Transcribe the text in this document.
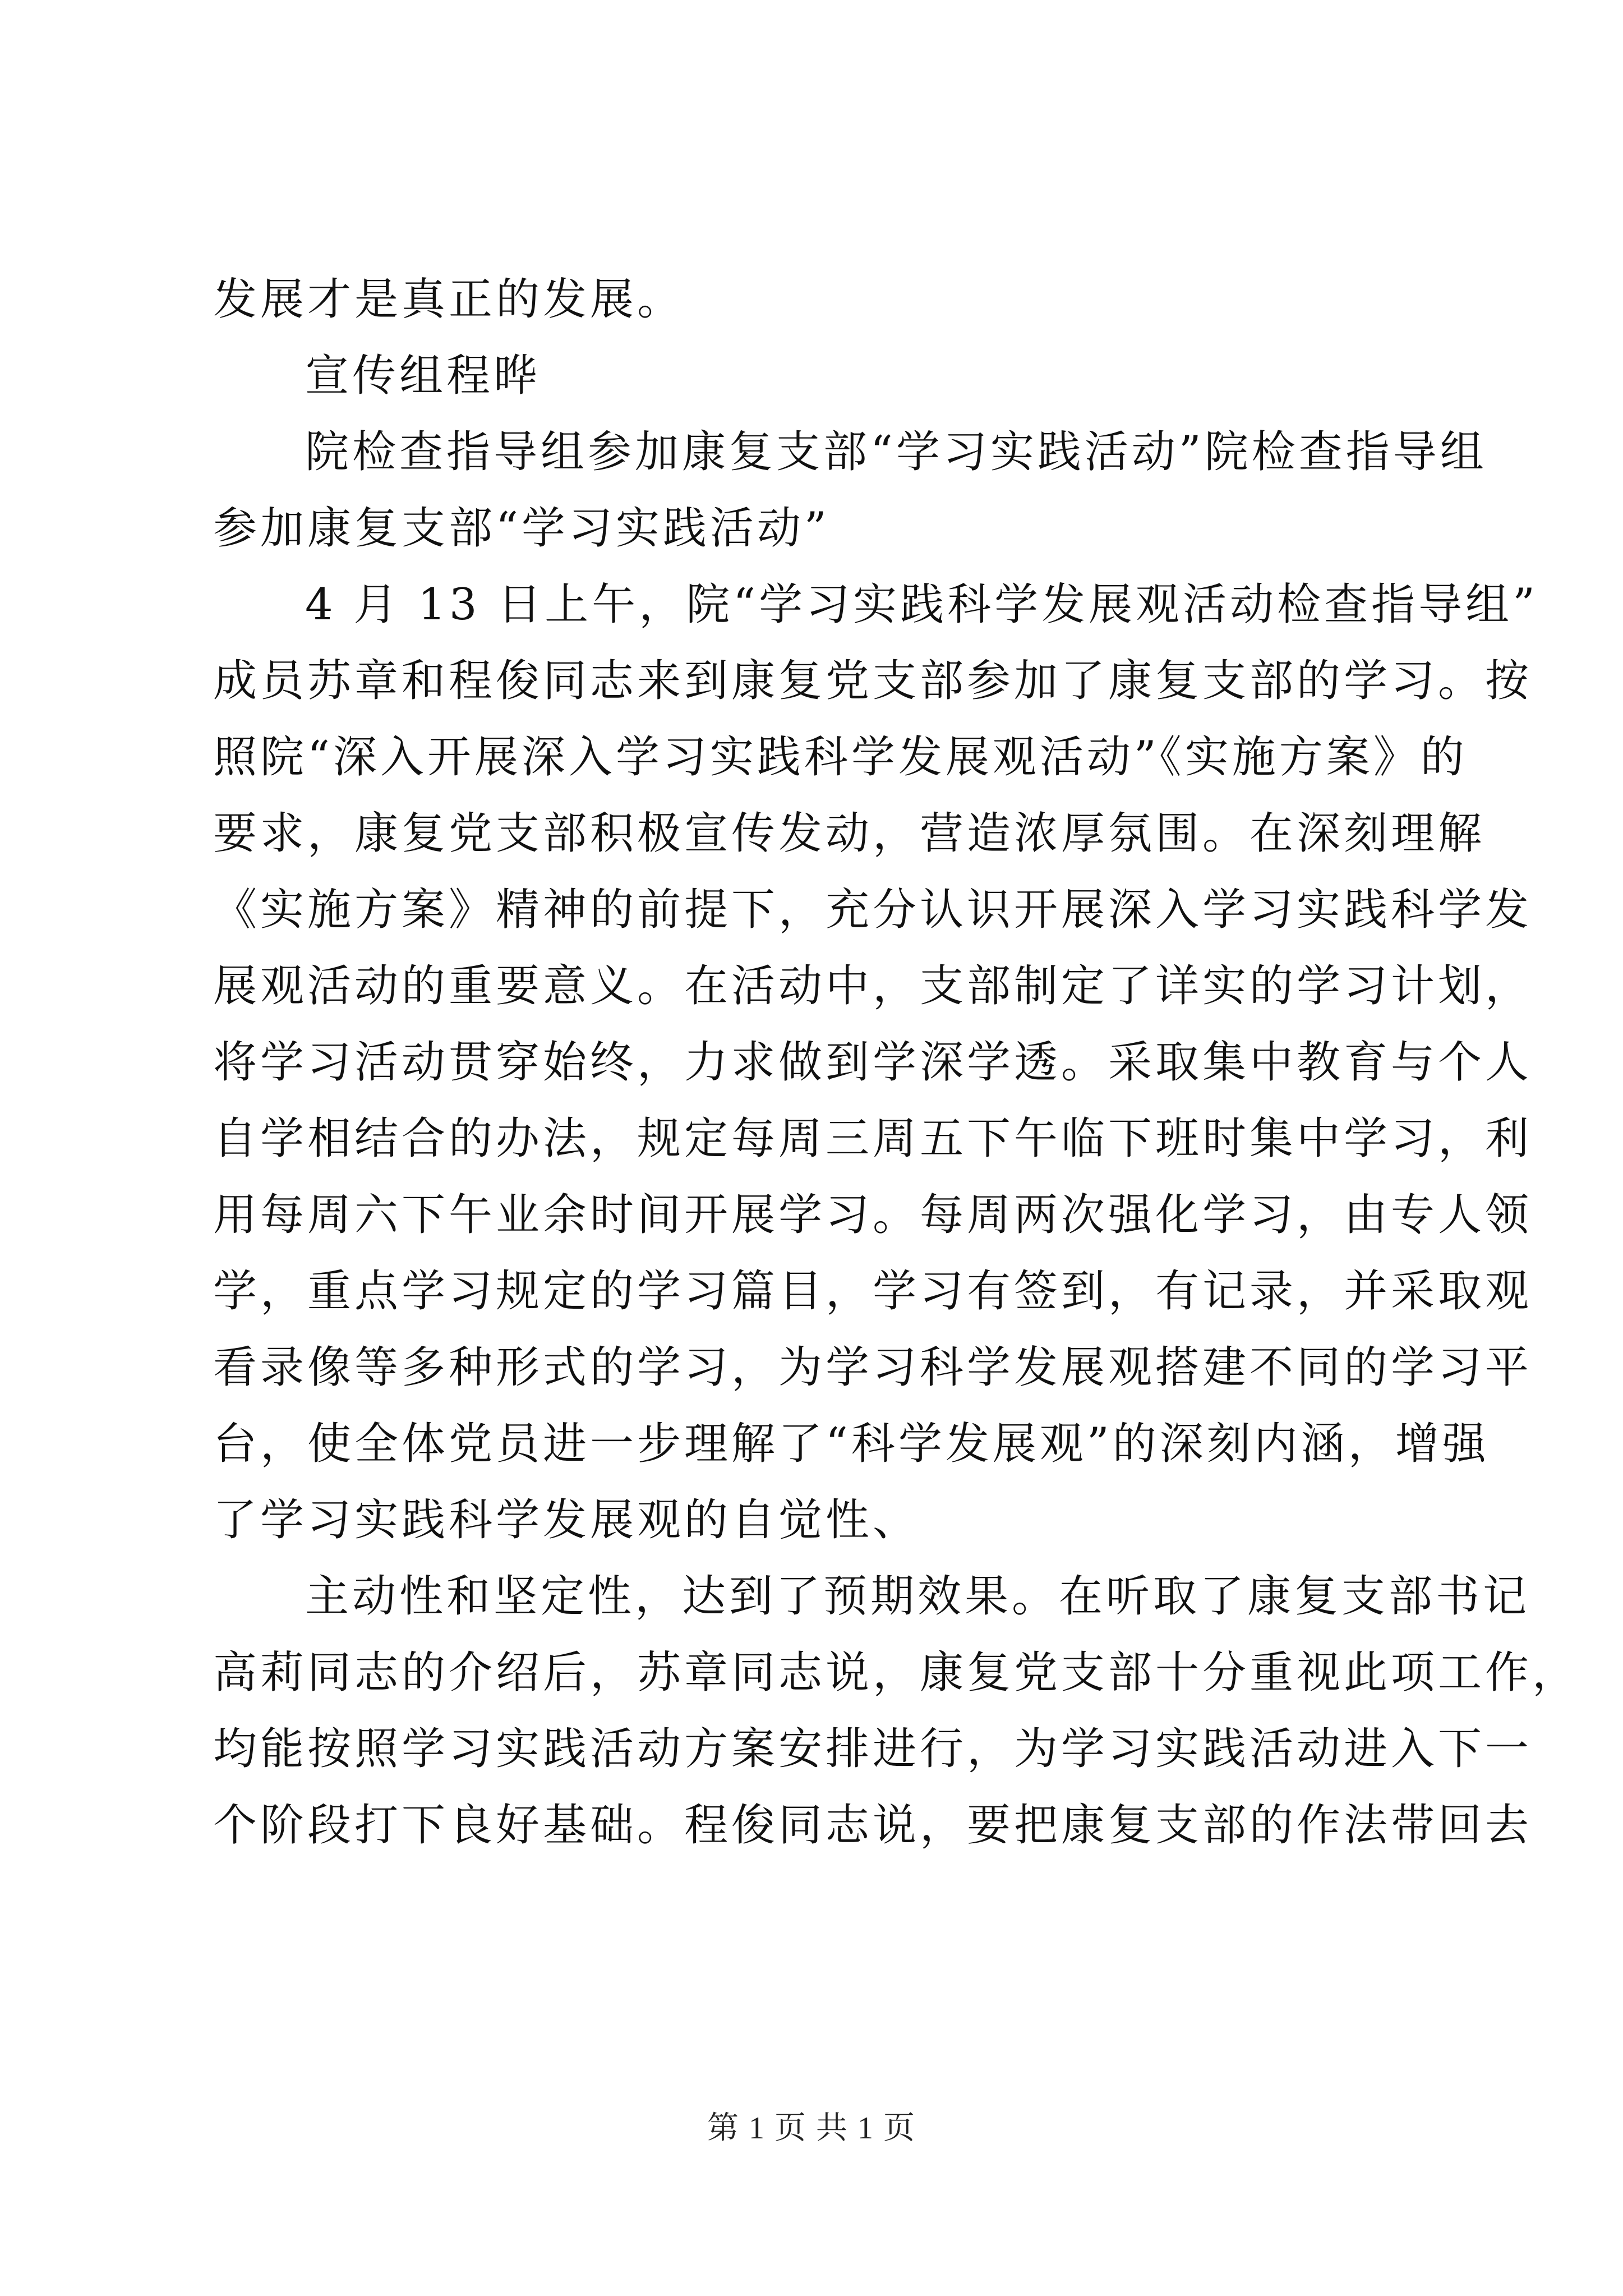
发展才是真正的发展。
宣传组程晔
院检查指导组参加康复支部“学习实践活动”院检查指导组
参加康复支部“学习实践活动”
4 月 13 日上午，院“学习实践科学发展观活动检查指导组”
成员苏章和程俊同志来到康复党支部参加了康复支部的学习。按
照院“深入开展深入学习实践科学发展观活动”《实施方案》的
要求，康复党支部积极宣传发动，营造浓厚氛围。在深刻理解
《实施方案》精神的前提下，充分认识开展深入学习实践科学发
展观活动的重要意义。在活动中，支部制定了详实的学习计划，
将学习活动贯穿始终，力求做到学深学透。采取集中教育与个人
自学相结合的办法，规定每周三周五下午临下班时集中学习，利
用每周六下午业余时间开展学习。每周两次强化学习，由专人领
学，重点学习规定的学习篇目，学习有签到，有记录，并采取观
看录像等多种形式的学习，为学习科学发展观搭建不同的学习平
台，使全体党员进一步理解了“科学发展观”的深刻内涵，增强
了学习实践科学发展观的自觉性、
主动性和坚定性，达到了预期效果。在听取了康复支部书记
高莉同志的介绍后，苏章同志说，康复党支部十分重视此项工作，
均能按照学习实践活动方案安排进行，为学习实践活动进入下一
个阶段打下良好基础。程俊同志说，要把康复支部的作法带回去
第 1 页 共 1 页
